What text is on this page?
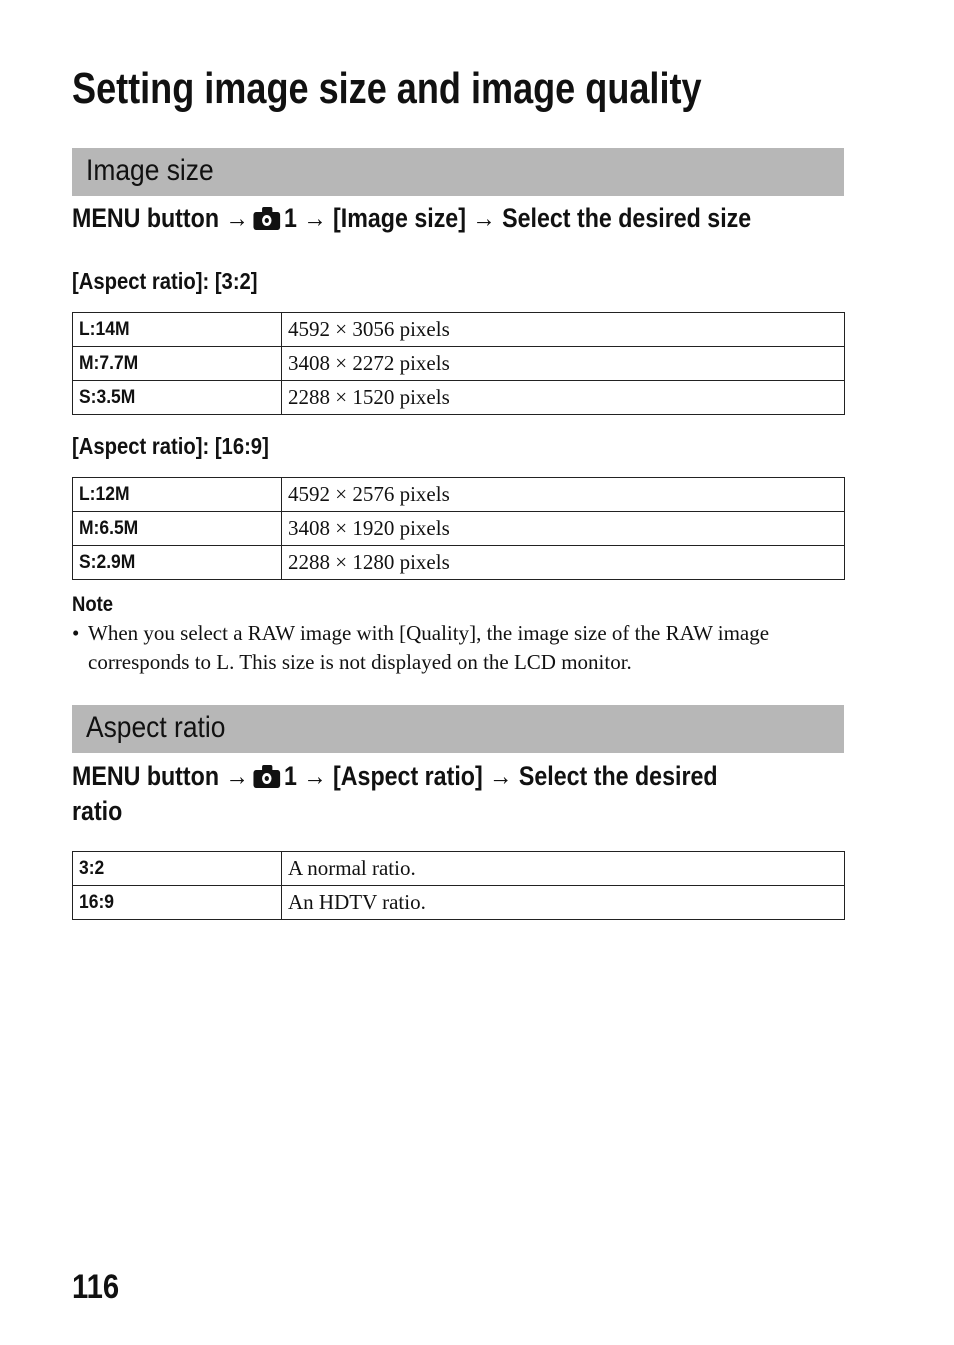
Setting image size and image quality
Image size
MENU button → 1 → [Image size] → Select the desired size
[Aspect ratio]: [3:2]
L:14M	4592 × 3056 pixels
M:7.7M	3408 × 2272 pixels
S:3.5M	2288 × 1520 pixels
[Aspect ratio]: [16:9]
L:12M	4592 × 2576 pixels
M:6.5M	3408 × 1920 pixels
S:2.9M	2288 × 1280 pixels
Note
• When you select a RAW image with [Quality], the image size of the RAW image corresponds to L. This size is not displayed on the LCD monitor.
Aspect ratio
MENU button → 1 → [Aspect ratio] → Select the desired
ratio
3:2	A normal ratio.
16:9	An HDTV ratio.
116
